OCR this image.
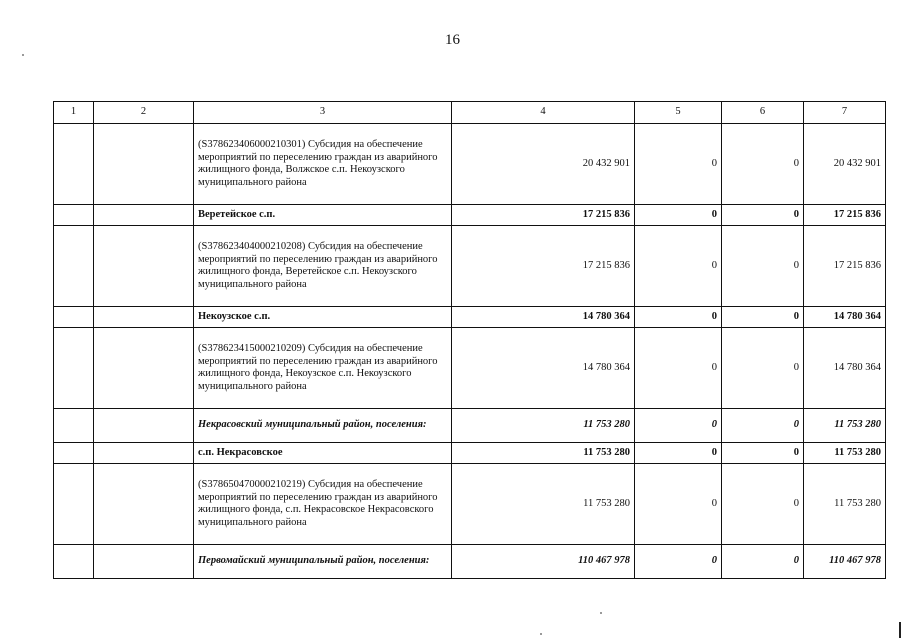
16
1	2	3	4	5	6	7
		(S378623406000210301) Субсидия на обеспечение мероприятий по переселению граждан из аварийного жилищного фонда, Волжское с.п. Некоузского муниципального района	20 432 901	0	0	20 432 901
		Веретейское с.п.	17 215 836	0	0	17 215 836
		(S378623404000210208) Субсидия на обеспечение мероприятий по переселению граждан из аварийного жилищного фонда, Веретейское с.п. Некоузского муниципального района	17 215 836	0	0	17 215 836
		Некоузское с.п.	14 780 364	0	0	14 780 364
		(S378623415000210209) Субсидия на обеспечение мероприятий по переселению граждан из аварийного жилищного фонда, Некоузское с.п. Некоузского муниципального района	14 780 364	0	0	14 780 364
		Некрасовский муниципальный район, поселения:	11 753 280	0	0	11 753 280
		с.п. Некрасовское	11 753 280	0	0	11 753 280
		(S378650470000210219) Субсидия на обеспечение мероприятий по переселению граждан из аварийного жилищного фонда, с.п. Некрасовское Некрасовского муниципального района	11 753 280	0	0	11 753 280
		Первомайский муниципальный район, поселения:	110 467 978	0	0	110 467 978
